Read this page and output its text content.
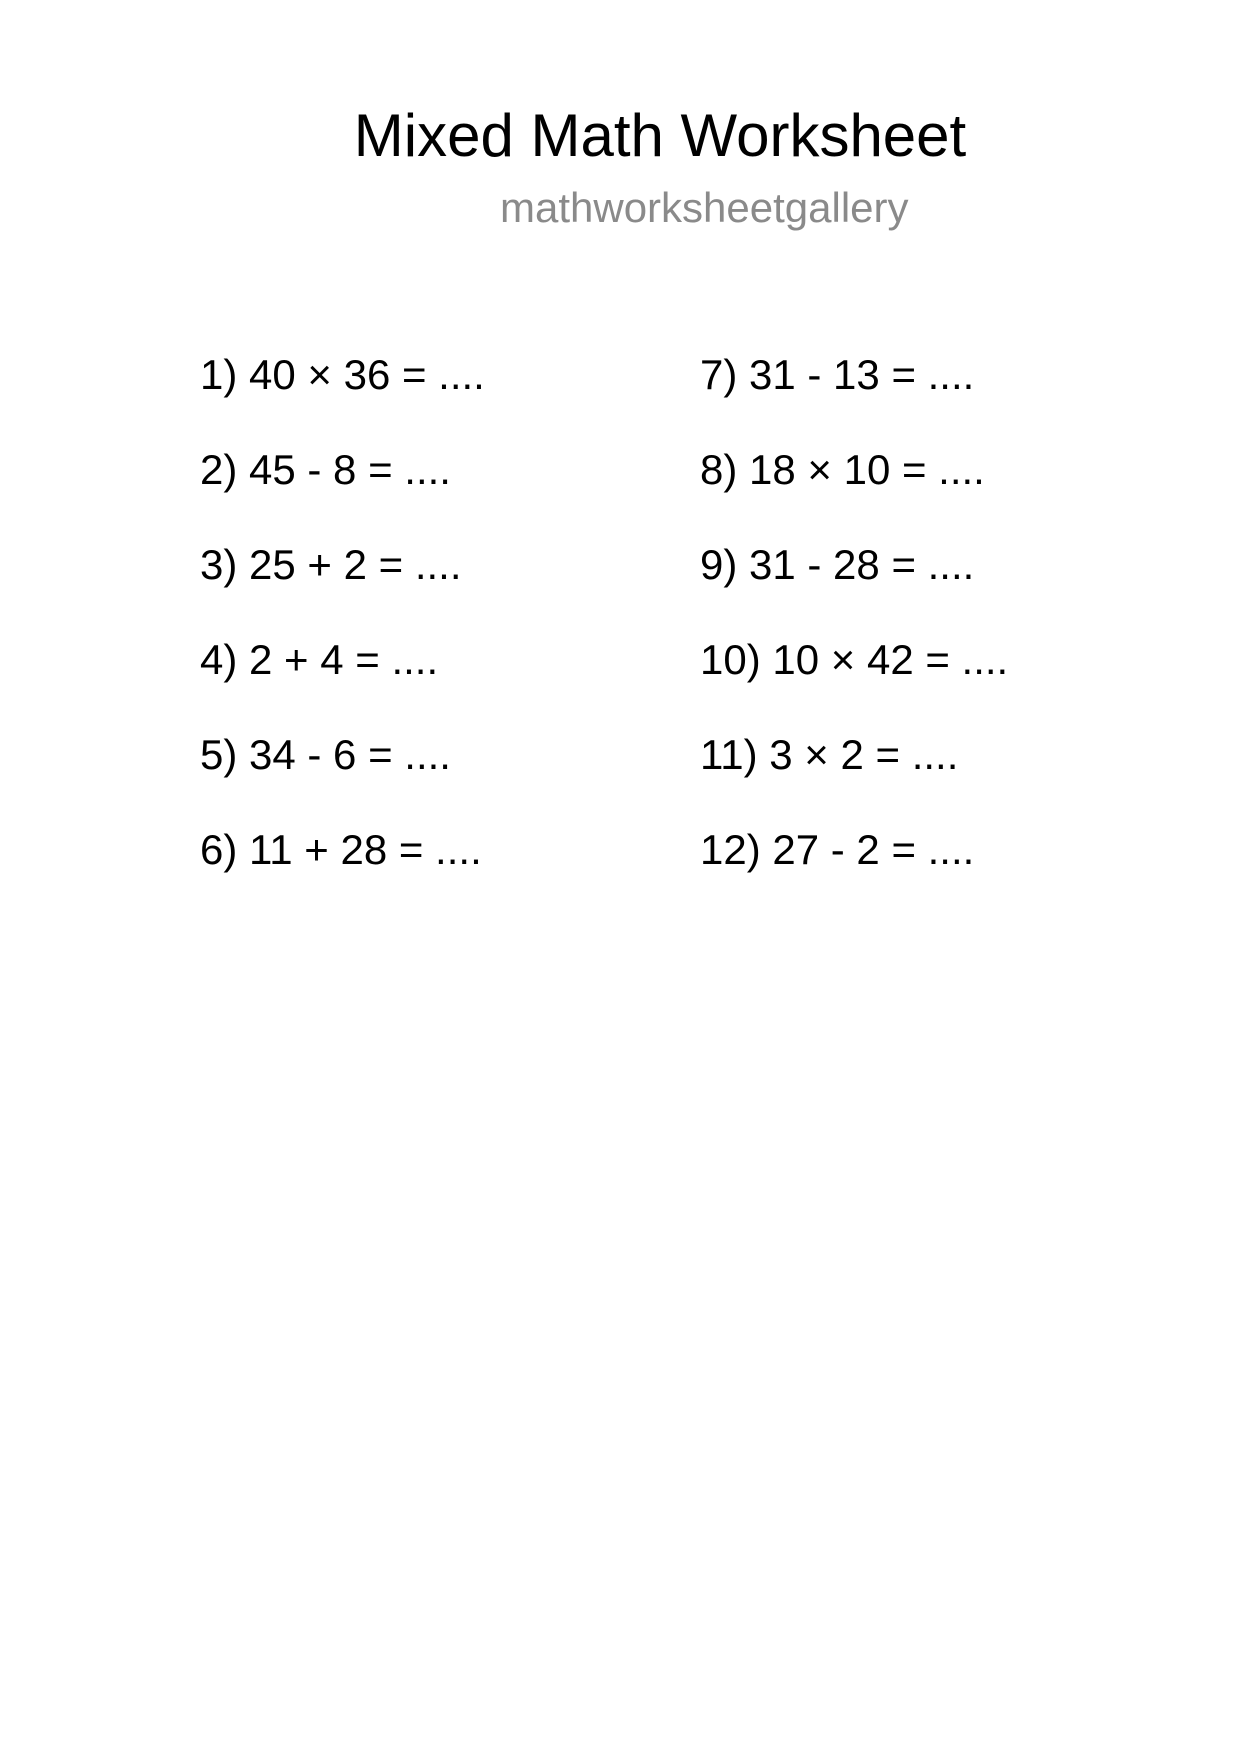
Mixed Math Worksheet
mathworksheetgallery
1) 40 × 36 = ....
2) 45 - 8 = ....
3) 25 + 2 = ....
4) 2 + 4 = ....
5) 34 - 6 = ....
6) 11 + 28 = ....
7) 31 - 13 = ....
8) 18 × 10 = ....
9) 31 - 28 = ....
10) 10 × 42 = ....
11) 3 × 2 = ....
12) 27 - 2 = ....
